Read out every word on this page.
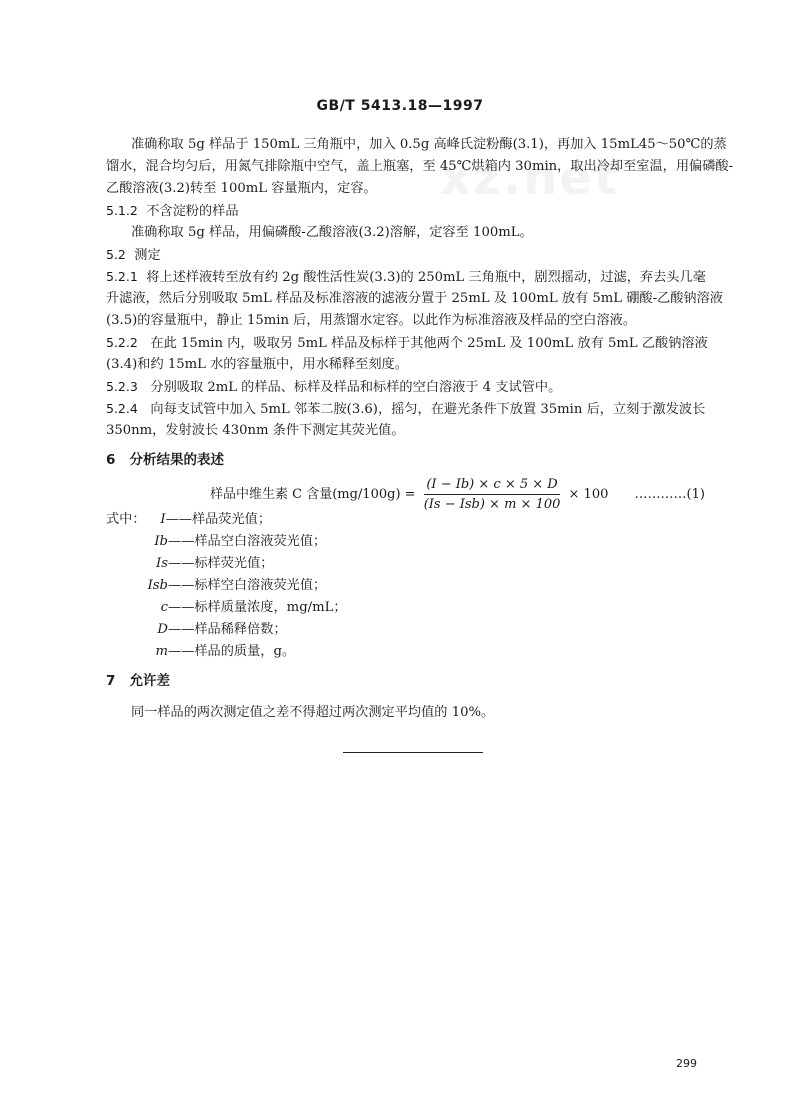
xz.net
GB/T 5413.18—1997
准确称取 5g 样品于 150mL 三角瓶中，加入 0.5g 高峰氏淀粉酶(3.1)，再加入 15mL45～50℃的蒸
馏水，混合均匀后，用氮气排除瓶中空气，盖上瓶塞，至 45℃烘箱内 30min，取出冷却至室温，用偏磷酸-
乙酸溶液(3.2)转至 100mL 容量瓶内，定容。
5.1.2 不含淀粉的样品
准确称取 5g 样品，用偏磷酸-乙酸溶液(3.2)溶解，定容至 100mL。
5.2 测定
5.2.1 将上述样液转至放有约 2g 酸性活性炭(3.3)的 250mL 三角瓶中，剧烈摇动，过滤，弃去头几毫
升滤液，然后分别吸取 5mL 样品及标准溶液的滤液分置于 25mL 及 100mL 放有 5mL 硼酸-乙酸钠溶液
(3.5)的容量瓶中，静止 15min 后，用蒸馏水定容。以此作为标准溶液及样品的空白溶液。
5.2.2 在此 15min 内，吸取另 5mL 样品及标样于其他两个 25mL 及 100mL 放有 5mL 乙酸钠溶液
(3.4)和约 15mL 水的容量瓶中，用水稀释至刻度。
5.2.3 分别吸取 2mL 的样品、标样及样品和标样的空白溶液于 4 支试管中。
5.2.4 向每支试管中加入 5mL 邻苯二胺(3.6)，摇匀，在避光条件下放置 35min 后，立刻于激发波长
350nm，发射波长 430nm 条件下测定其荧光值。
6 分析结果的表述
样品中维生素 C 含量$(mg/100g) = \frac{(I - Ib) \times c \times 5 \times D}{\text{(Is − Isb) × m × 100}} \times 100$ …………(1)
式中： I——样品荧光值；
Ib——样品空白溶液荧光值；
Is——标样荧光值；
Isb——标样空白溶液荧光值；
c——标样质量浓度，mg/mL；
D——样品稀释倍数；
m——样品的质量，g。
7 允许差
同一样品的两次测定值之差不得超过两次测定平均值的 10%。
299
